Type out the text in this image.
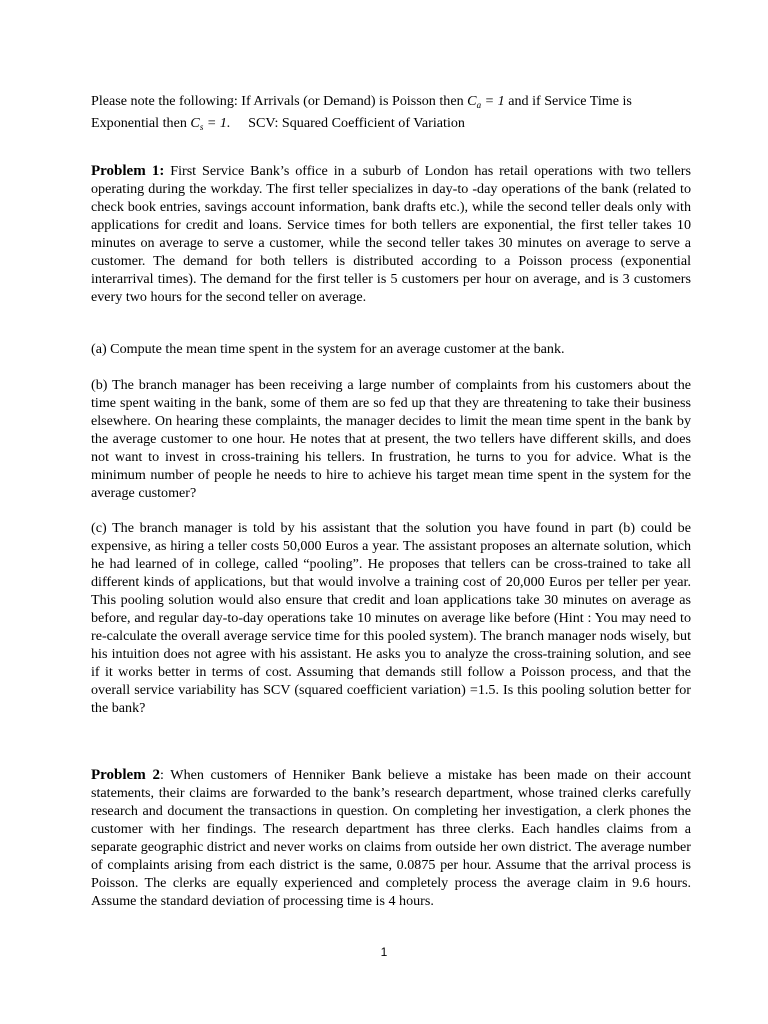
Please note the following: If Arrivals (or Demand) is Poisson then $C_a = 1$ and if Service Time is Exponential then $C_s = 1$.     SCV: Squared Coefficient of Variation

Problem 1: First Service Bank’s office in a suburb of London has retail operations with two tellers operating during the workday. The first teller specializes in day-to -day operations of the bank (related to check book entries, savings account information, bank drafts etc.), while the second teller deals only with applications for credit and loans. Service times for both tellers are exponential, the first teller takes 10 minutes on average to serve a customer, while the second teller takes 30 minutes on average to serve a customer. The demand for both tellers is distributed according to a Poisson process (exponential interarrival times). The demand for the first teller is 5 customers per hour on average, and is 3 customers every two hours for the second teller on average.

(a) Compute the mean time spent in the system for an average customer at the bank.

(b) The branch manager has been receiving a large number of complaints from his customers about the time spent waiting in the bank, some of them are so fed up that they are threatening to take their business elsewhere. On hearing these complaints, the manager decides to limit the mean time spent in the bank by the average customer to one hour. He notes that at present, the two tellers have different skills, and does not want to invest in cross-training his tellers. In frustration, he turns to you for advice. What is the minimum number of people he needs to hire to achieve his target mean time spent in the system for the average customer?

(c) The branch manager is told by his assistant that the solution you have found in part (b) could be expensive, as hiring a teller costs 50,000 Euros a year. The assistant proposes an alternate solution, which he had learned of in college, called “pooling”. He proposes that tellers can be cross-trained to take all different kinds of applications, but that would involve a training cost of 20,000 Euros per teller per year. This pooling solution would also ensure that credit and loan applications take 30 minutes on average as before, and regular day-to-day operations take 10 minutes on average like before (Hint : You may need to re-calculate the overall average service time for this pooled system). The branch manager nods wisely, but his intuition does not agree with his assistant. He asks you to analyze the cross-training solution, and see if it works better in terms of cost. Assuming that demands still follow a Poisson process, and that the overall service variability has SCV (squared coefficient variation) =1.5. Is this pooling solution better for the bank?

Problem 2: When customers of Henniker Bank believe a mistake has been made on their account statements, their claims are forwarded to the bank’s research department, whose trained clerks carefully research and document the transactions in question. On completing her investigation, a clerk phones the customer with her findings. The research department has three clerks. Each handles claims from a separate geographic district and never works on claims from outside her own district. The average number of complaints arising from each district is the same, 0.0875 per hour. Assume that the arrival process is Poisson. The clerks are equally experienced and completely process the average claim in 9.6 hours. Assume the standard deviation of processing time is 4 hours.

1
